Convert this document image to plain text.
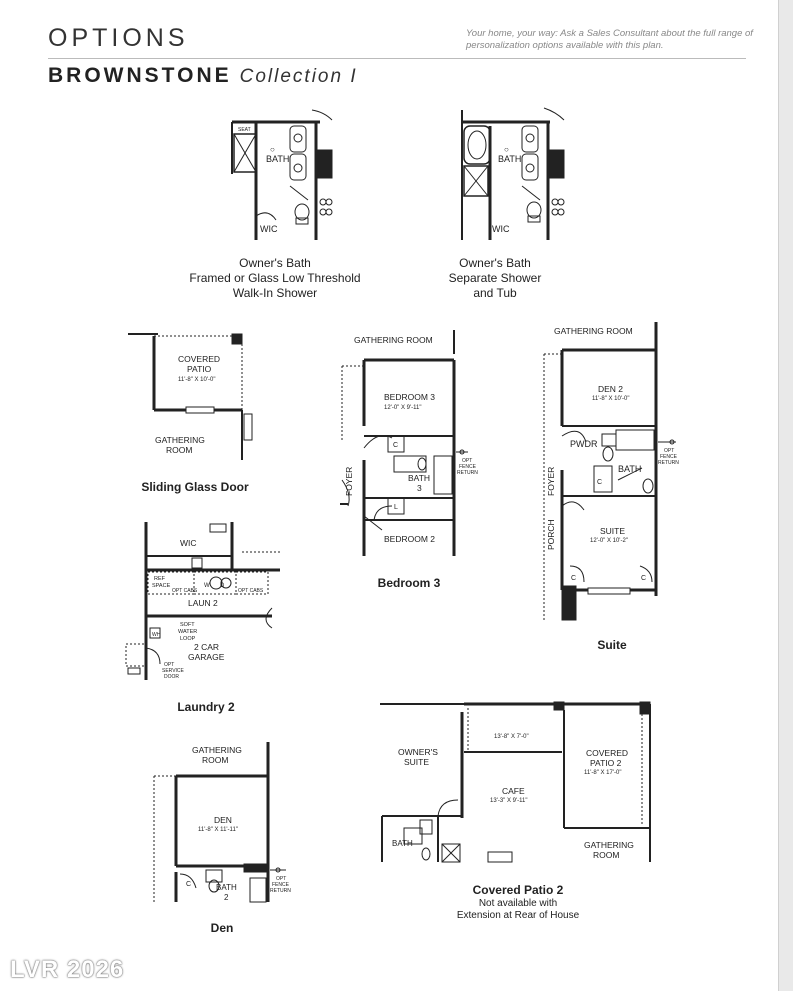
OPTIONS	Your home, your way: Ask a Sales Consultant about the full range of personalization options available with this plan.
BROWNSTONE Collection I
SEAT
○
BATH
WIC
Owner's Bath
Framed or Glass Low Threshold
Walk-In Shower
○
BATH
WIC
Owner's Bath
Separate Shower
and Tub
COVERED
PATIO
11'-8" X 10'-0"
GATHERING
ROOM
Sliding Glass Door
GATHERING ROOM
BEDROOM 3
12'-0" X 9'-11"
C
BATH
3
L
BEDROOM 2
FOYER
OPT
FENCE
RETURN
Bedroom 3
GATHERING ROOM
DEN 2
11'-8" X 10'-0"
PWDR
BATH
C
SUITE
12'-0" X 10'-2"
C	C
FOYER
PORCH
OPT
FENCE
RETURN
Suite
WIC
REF
SPACE	W D
OPT CABS	OPT CABS
LAUN 2
SOFT
WATER
LOOP
WH
2 CAR
GARAGE
OPT
SERVICE
DOOR
Laundry 2
GATHERING
ROOM
DEN
11'-8" X 11'-11"
C	BATH
2
OPT
FENCE
RETURN
Den
OWNER'S
SUITE
13'-8" X 7'-0"
CAFE
13'-3" X 9'-11"
COVERED
PATIO 2
11'-8" X 17'-0"
GATHERING
ROOM
BATH
Covered Patio 2
Not available with
Extension at Rear of House
LVR 2026
